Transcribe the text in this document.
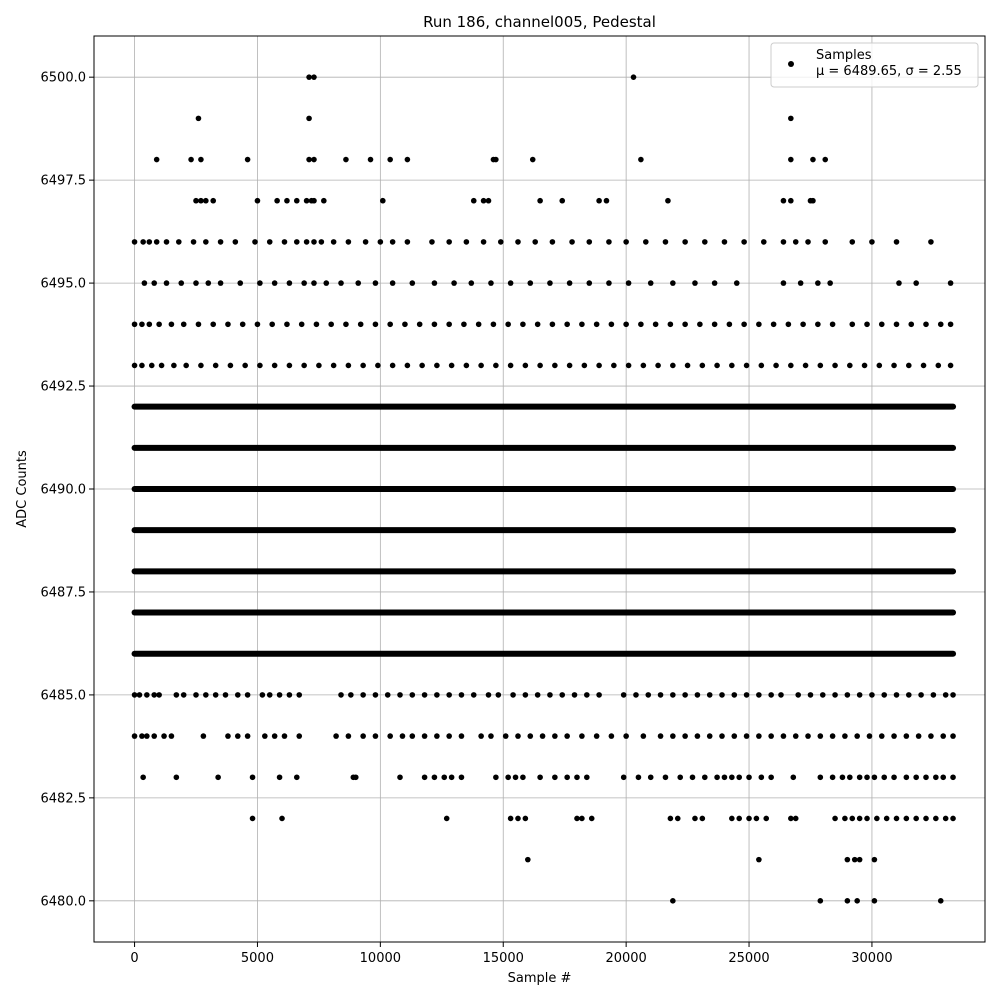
0	5000	10000	15000	20000	25000	30000
6480.0
6482.5
6485.0
6487.5
6490.0
6492.5
6495.0
6497.5
6500.0
Run 186, channel005, Pedestal
Sample #
ADC Counts
Samples
μ = 6489.65, σ = 2.55
